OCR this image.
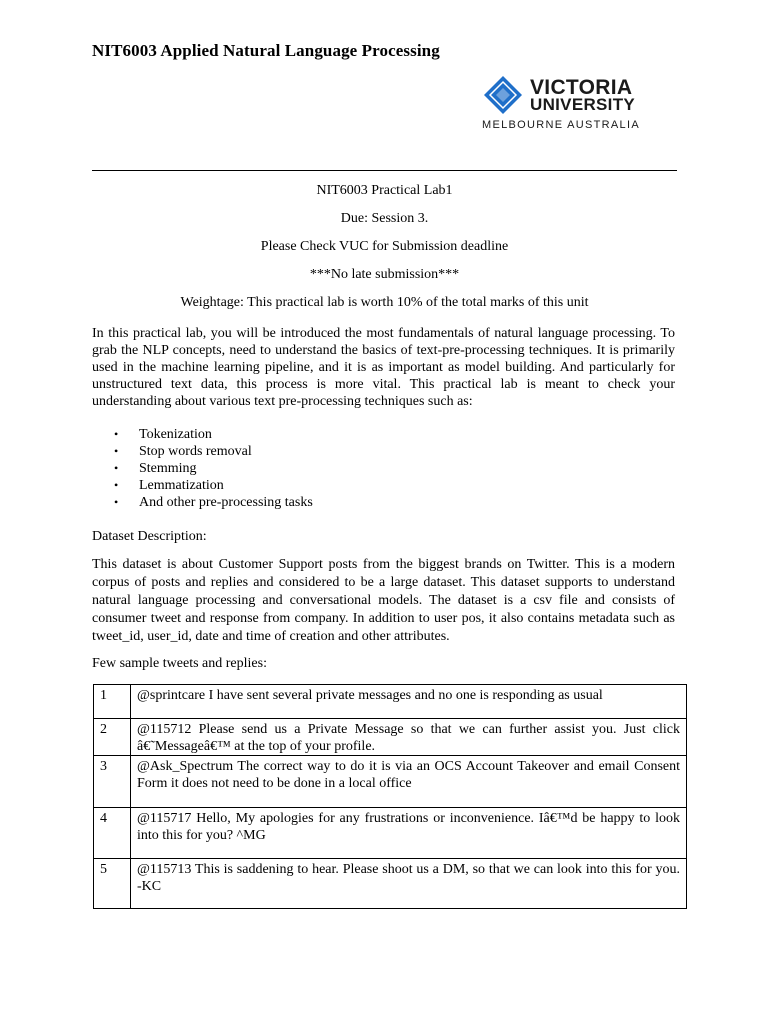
NIT6003 Applied Natural Language Processing
VICTORIA
UNIVERSITY
MELBOURNE AUSTRALIA
NIT6003 Practical Lab1
Due: Session 3.
Please Check VUC for Submission deadline
***No late submission***
Weightage: This practical lab is worth 10% of the total marks of this unit

In this practical lab, you will be introduced the most fundamentals of natural language processing. To grab the NLP concepts, need to understand the basics of text-pre-processing techniques. It is primarily used in the machine learning pipeline, and it is as important as model building. And particularly for unstructured text data, this process is more vital. This practical lab is meant to check your understanding about various text pre-processing techniques such as:

• Tokenization
• Stop words removal
• Stemming
• Lemmatization
• And other pre-processing tasks
Dataset Description:

This dataset is about Customer Support posts from the biggest brands on Twitter. This is a modern corpus of posts and replies and considered to be a large dataset. This dataset supports to understand natural language processing and conversational models. The dataset is a csv file and consists of consumer tweet and response from company. In addition to user pos, it also contains metadata such as tweet_id, user_id, date and time of creation and other attributes.

Few sample tweets and replies:
1	@sprintcare I have sent several private messages and no one is responding as usual
2	@115712 Please send us a Private Message so that we can further assist you. Just click â€˜Messageâ€™ at the top of your profile.
3	@Ask_Spectrum The correct way to do it is via an OCS Account Takeover and email Consent Form it does not need to be done in a local office
4	@115717 Hello, My apologies for any frustrations or inconvenience. Iâ€™d be happy to look into this for you? ^MG
5	@115713 This is saddening to hear. Please shoot us a DM, so that we can look into this for you. -KC
